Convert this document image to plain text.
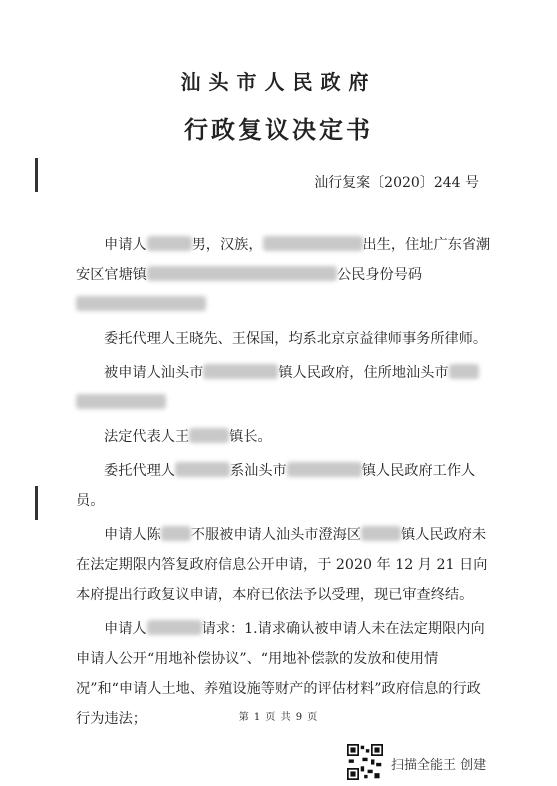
汕头市人民政府
行政复议决定书
汕行复案〔2020〕244 号

申请人	男，汉族，	出生，住址广东省潮安区官塘镇	公民身份号码

委托代理人王晓先、王保国，均系北京京益律师事务所律师。

被申请人汕头市	镇人民政府，住所地汕头市

法定代表人王	镇长。

委托代理人	系汕头市	镇人民政府工作人员。

申请人陈 不服被申请人汕头市澄海区	镇人民政府未在法定期限内答复政府信息公开申请，于 2020 年 12 月 21 日向本府提出行政复议申请，本府已依法予以受理，现已审查终结。

申请人	请求：1.请求确认被申请人未在法定期限内向申请人公开“用地补偿协议”、“用地补偿款的发放和使用情况”和“申请人土地、养殖设施等财产的评估材料”政府信息的行政行为违法；	第 1 页 共 9 页
扫描全能王 创建
